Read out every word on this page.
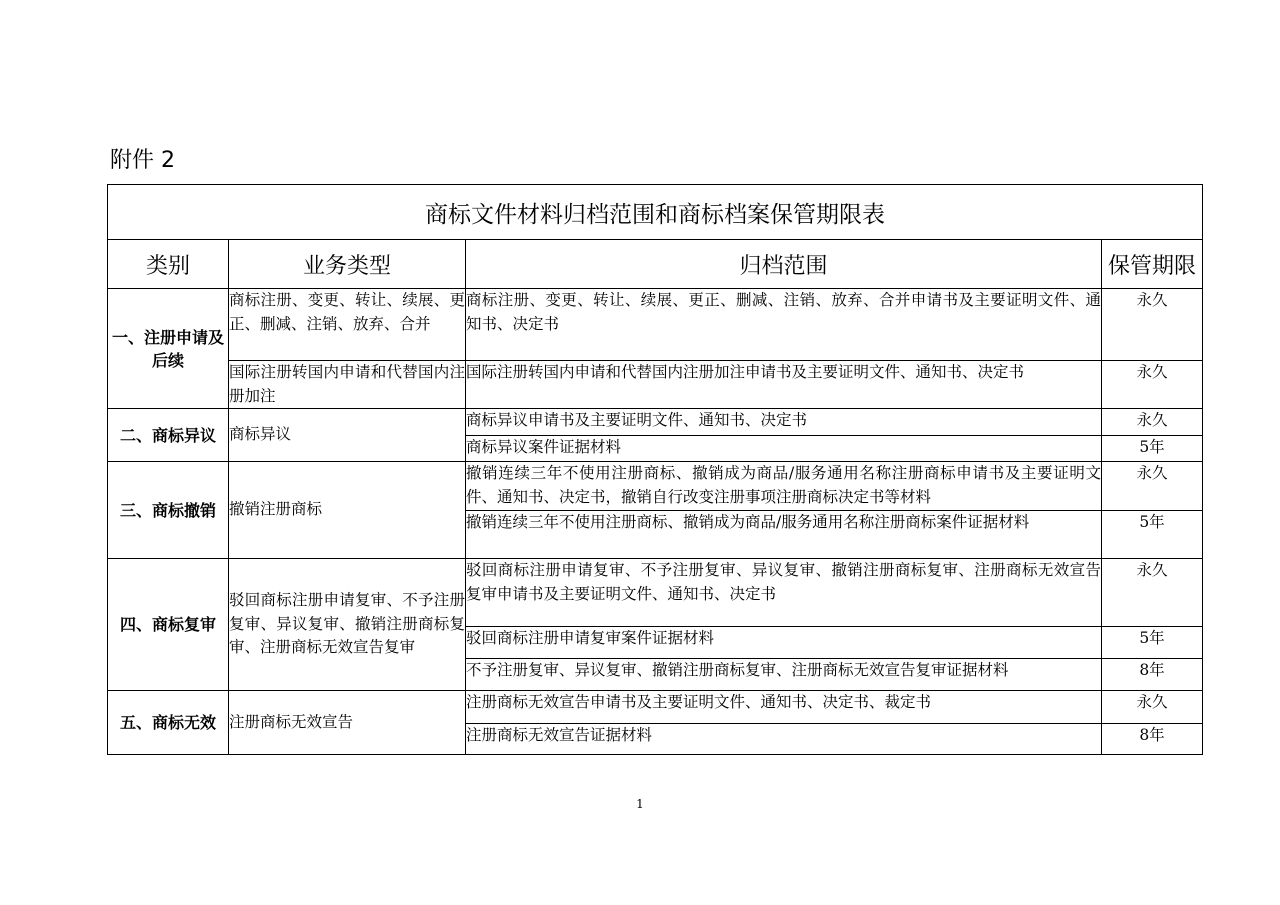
附件 2
商标文件材料归档范围和商标档案保管期限表			
类别	业务类型	归档范围	保管期限
一、注册申请及后续	商标注册、变更、转让、续展、更正、删减、注销、放弃、合并	商标注册、变更、转让、续展、更正、删减、注销、放弃、合并申请书及主要证明文件、通知书、决定书	永久
	国际注册转国内申请和代替国内注册加注	国际注册转国内申请和代替国内注册加注申请书及主要证明文件、通知书、决定书	永久
二、商标异议	商标异议	商标异议申请书及主要证明文件、通知书、决定书	永久
		商标异议案件证据材料	5年
三、商标撤销	撤销注册商标	撤销连续三年不使用注册商标、撤销成为商品/服务通用名称注册商标申请书及主要证明文件、通知书、决定书，撤销自行改变注册事项注册商标决定书等材料	永久
		撤销连续三年不使用注册商标、撤销成为商品/服务通用名称注册商标案件证据材料	5年
四、商标复审	驳回商标注册申请复审、不予注册复审、异议复审、撤销注册商标复审、注册商标无效宣告复审	驳回商标注册申请复审、不予注册复审、异议复审、撤销注册商标复审、注册商标无效宣告复审申请书及主要证明文件、通知书、决定书	永久
		驳回商标注册申请复审案件证据材料	5年
		不予注册复审、异议复审、撤销注册商标复审、注册商标无效宣告复审证据材料	8年
五、商标无效	注册商标无效宣告	注册商标无效宣告申请书及主要证明文件、通知书、决定书、裁定书	永久
		注册商标无效宣告证据材料	8年
1
